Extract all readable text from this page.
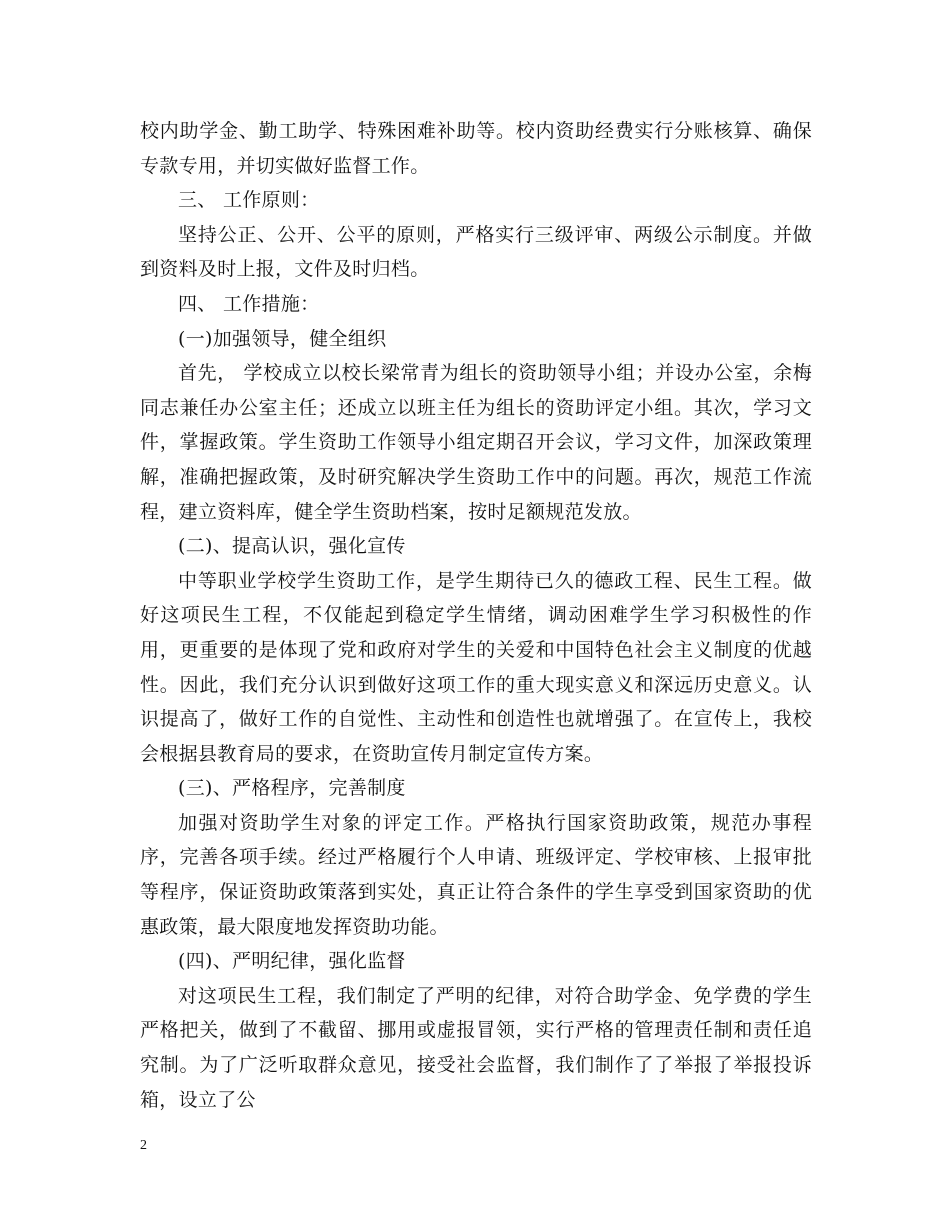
校内助学金、勤工助学、特殊困难补助等。校内资助经费实行分账核算、确保专款专用，并切实做好监督工作。

三、 工作原则：

坚持公正、公开、公平的原则，严格实行三级评审、两级公示制度。并做到资料及时上报，文件及时归档。

四、 工作措施：

(一)加强领导，健全组织

首先， 学校成立以校长梁常青为组长的资助领导小组；并设办公室，余梅同志兼任办公室主任；还成立以班主任为组长的资助评定小组。其次，学习文件，掌握政策。学生资助工作领导小组定期召开会议，学习文件，加深政策理解，准确把握政策，及时研究解决学生资助工作中的问题。再次，规范工作流程，建立资料库，健全学生资助档案，按时足额规范发放。

(二)、提高认识，强化宣传

中等职业学校学生资助工作，是学生期待已久的德政工程、民生工程。做好这项民生工程，不仅能起到稳定学生情绪，调动困难学生学习积极性的作用，更重要的是体现了党和政府对学生的关爱和中国特色社会主义制度的优越性。因此，我们充分认识到做好这项工作的重大现实意义和深远历史意义。认识提高了，做好工作的自觉性、主动性和创造性也就增强了。在宣传上，我校会根据县教育局的要求，在资助宣传月制定宣传方案。

(三)、严格程序，完善制度

加强对资助学生对象的评定工作。严格执行国家资助政策，规范办事程序，完善各项手续。经过严格履行个人申请、班级评定、学校审核、上报审批等程序，保证资助政策落到实处，真正让符合条件的学生享受到国家资助的优惠政策，最大限度地发挥资助功能。

(四)、严明纪律，强化监督

对这项民生工程，我们制定了严明的纪律，对符合助学金、免学费的学生严格把关，做到了不截留、挪用或虚报冒领，实行严格的管理责任制和责任追究制。为了广泛听取群众意见，接受社会监督，我们制作了了举报了举报投诉箱，设立了公

2
